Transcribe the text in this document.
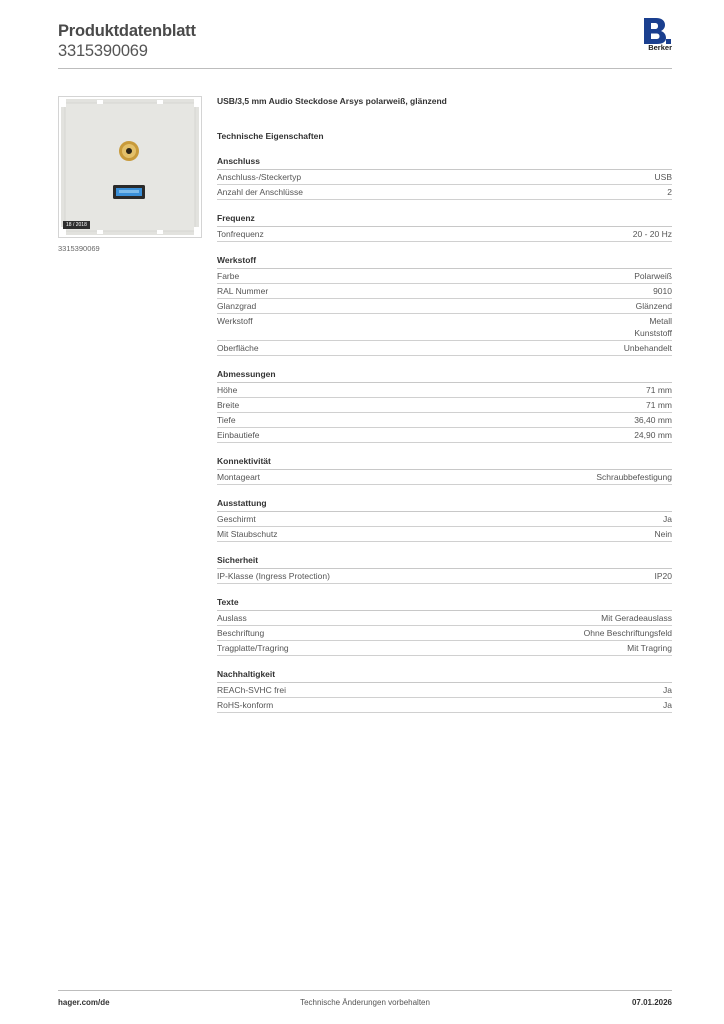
Produktdatenblatt
3315390069	Berker
18 / 2018
3315390069
USB/3,5 mm Audio Steckdose Arsys polarweiß, glänzend
Technische Eigenschaften
Anschluss
Anschluss-/Steckertyp	USB
Anzahl der Anschlüsse	2
Frequenz
Tonfrequenz	20 - 20 Hz
Werkstoff
Farbe	Polarweiß
RAL Nummer	9010
Glanzgrad	Glänzend
Werkstoff	Metall
Kunststoff
Oberfläche	Unbehandelt
Abmessungen
Höhe	71 mm
Breite	71 mm
Tiefe	36,40 mm
Einbautiefe	24,90 mm
Konnektivität
Montageart	Schraubbefestigung
Ausstattung
Geschirmt	Ja
Mit Staubschutz	Nein
Sicherheit
IP-Klasse (Ingress Protection)	IP20
Texte
Auslass	Mit Geradeauslass
Beschriftung	Ohne Beschriftungsfeld
Tragplatte/Tragring	Mit Tragring
Nachhaltigkeit
REACh-SVHC frei	Ja
RoHS-konform	Ja
hager.com/de	Technische Änderungen vorbehalten	07.01.2026
